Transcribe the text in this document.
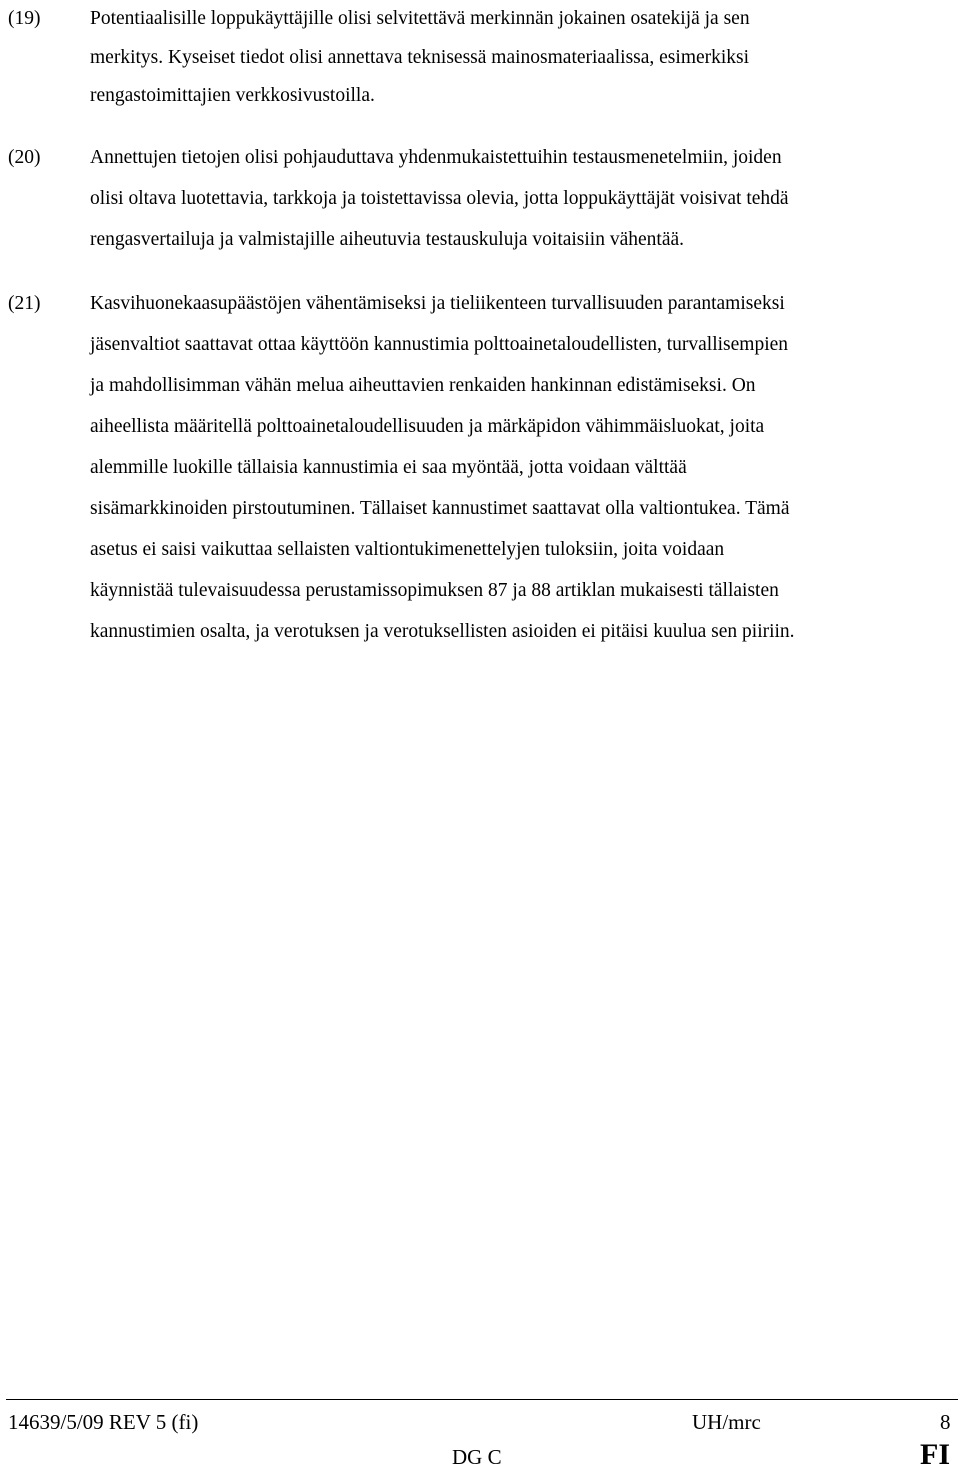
(19)	Potentiaalisille loppukäyttäjille olisi selvitettävä merkinnän jokainen osatekijä ja sen
merkitys. Kyseiset tiedot olisi annettava teknisessä mainosmateriaalissa, esimerkiksi
rengastoimittajien verkkosivustoilla.
(20)	Annettujen tietojen olisi pohjauduttava yhdenmukaistettuihin testausmenetelmiin, joiden
olisi oltava luotettavia, tarkkoja ja toistettavissa olevia, jotta loppukäyttäjät voisivat tehdä
rengasvertailuja ja valmistajille aiheutuvia testauskuluja voitaisiin vähentää.
(21)	Kasvihuonekaasupäästöjen vähentämiseksi ja tieliikenteen turvallisuuden parantamiseksi
jäsenvaltiot saattavat ottaa käyttöön kannustimia polttoainetaloudellisten, turvallisempien
ja mahdollisimman vähän melua aiheuttavien renkaiden hankinnan edistämiseksi. On
aiheellista määritellä polttoainetaloudellisuuden ja märkäpidon vähimmäisluokat, joita
alemmille luokille tällaisia kannustimia ei saa myöntää, jotta voidaan välttää
sisämarkkinoiden pirstoutuminen. Tällaiset kannustimet saattavat olla valtiontukea. Tämä
asetus ei saisi vaikuttaa sellaisten valtiontukimenettelyjen tuloksiin, joita voidaan
käynnistää tulevaisuudessa perustamissopimuksen 87 ja 88 artiklan mukaisesti tällaisten
kannustimien osalta, ja verotuksen ja verotuksellisten asioiden ei pitäisi kuulua sen piiriin.
14639/5/09 REV 5 (fi)	UH/mrc	8
DG C	FI
